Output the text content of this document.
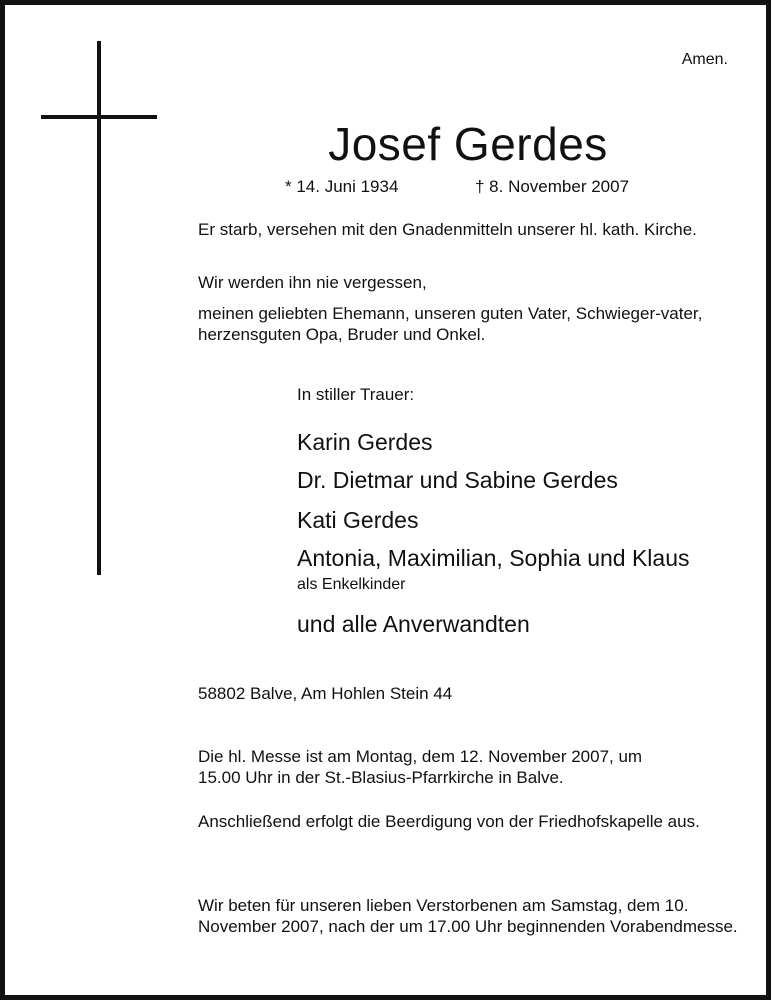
Amen.
Josef Gerdes
* 14. Juni 1934	† 8. November 2007

Er starb, versehen mit den Gnadenmitteln unserer hl. kath. Kirche.

Wir werden ihn nie vergessen,

meinen geliebten Ehemann, unseren guten Vater, Schwieger-vater, herzensguten Opa, Bruder und Onkel.

In stiller Trauer:
Karin Gerdes
Dr. Dietmar und Sabine Gerdes
Kati Gerdes
Antonia, Maximilian, Sophia und Klaus
als Enkelkinder
und alle Anverwandten

58802 Balve, Am Hohlen Stein 44

Die hl. Messe ist am Montag, dem 12. November 2007, um 15.00 Uhr in der St.-Blasius-Pfarrkirche in Balve.

Anschließend erfolgt die Beerdigung von der Friedhofskapelle aus.

Wir beten für unseren lieben Verstorbenen am Samstag, dem 10. November 2007, nach der um 17.00 Uhr beginnenden Vorabendmesse.
